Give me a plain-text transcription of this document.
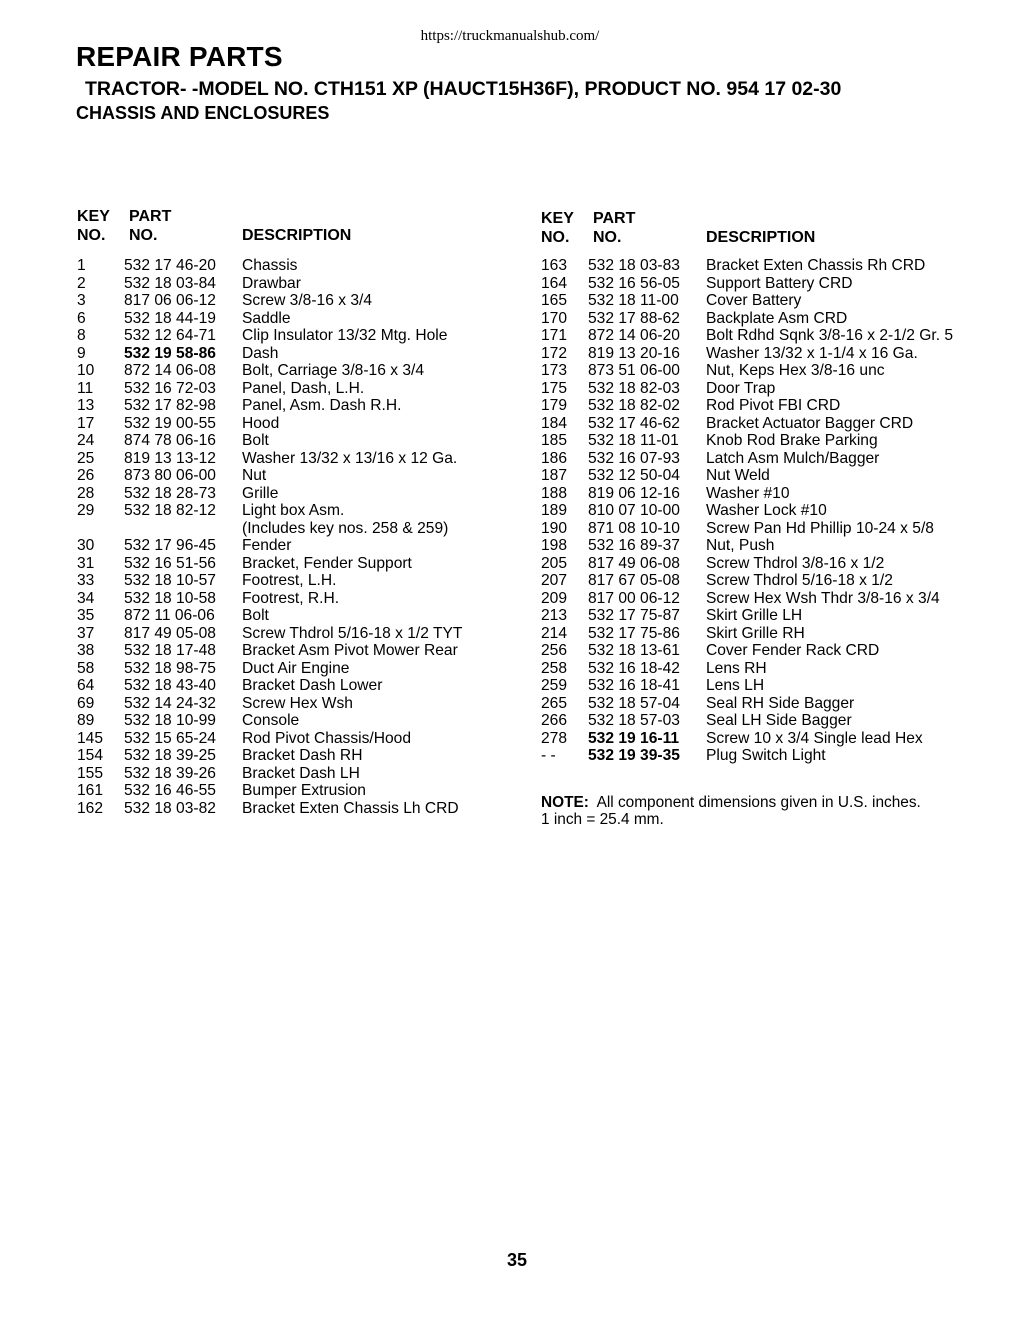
https://truckmanualshub.com/
REPAIR PARTS
TRACTOR- -MODEL NO. CTH151 XP (HAUCT15H36F), PRODUCT NO. 954 17 02-30
CHASSIS AND ENCLOSURES
KEY
NO.
PART
NO.	DESCRIPTION
1 532 17 46-20 Chassis
2 532 18 03-84 Drawbar
3 817 06 06-12 Screw 3/8-16 x 3/4
6 532 18 44-19 Saddle
8 532 12 64-71 Clip Insulator 13/32 Mtg. Hole
9 532 19 58-86 Dash
10 872 14 06-08 Bolt, Carriage 3/8-16 x 3/4
11 532 16 72-03 Panel, Dash, L.H.
13 532 17 82-98 Panel, Asm. Dash R.H.
17 532 19 00-55 Hood
24 874 78 06-16 Bolt
25 819 13 13-12 Washer 13/32 x 13/16 x 12 Ga.
26 873 80 06-00 Nut
28 532 18 28-73 Grille
29 532 18 82-12 Light box Asm.
(Includes key nos. 258 & 259)
30 532 17 96-45 Fender
31 532 16 51-56 Bracket, Fender Support
33 532 18 10-57 Footrest, L.H.
34 532 18 10-58 Footrest, R.H.
35 872 11 06-06 Bolt
37 817 49 05-08 Screw Thdrol 5/16-18 x 1/2 TYT
38 532 18 17-48 Bracket Asm Pivot Mower Rear
58 532 18 98-75 Duct Air Engine
64 532 18 43-40 Bracket Dash Lower
69 532 14 24-32 Screw Hex Wsh
89 532 18 10-99 Console
145 532 15 65-24 Rod Pivot Chassis/Hood
154 532 18 39-25 Bracket Dash RH
155 532 18 39-26 Bracket Dash LH
161 532 16 46-55 Bumper Extrusion
162 532 18 03-82 Bracket Exten Chassis Lh CRD
KEY
NO.
PART
NO.	DESCRIPTION
163 532 18 03-83 Bracket Exten Chassis Rh CRD
164 532 16 56-05 Support Battery CRD
165 532 18 11-00 Cover Battery
170 532 17 88-62 Backplate Asm CRD
171 872 14 06-20 Bolt Rdhd Sqnk 3/8-16 x 2-1/2 Gr. 5
172 819 13 20-16 Washer 13/32 x 1-1/4 x 16 Ga.
173 873 51 06-00 Nut, Keps Hex 3/8-16 unc
175 532 18 82-03 Door Trap
179 532 18 82-02 Rod Pivot FBI CRD
184 532 17 46-62 Bracket Actuator Bagger CRD
185 532 18 11-01 Knob Rod Brake Parking
186 532 16 07-93 Latch Asm Mulch/Bagger
187 532 12 50-04 Nut Weld
188 819 06 12-16 Washer #10
189 810 07 10-00 Washer Lock #10
190 871 08 10-10 Screw Pan Hd Phillip 10-24 x 5/8
198 532 16 89-37 Nut, Push
205 817 49 06-08 Screw Thdrol 3/8-16 x 1/2
207 817 67 05-08 Screw Thdrol 5/16-18 x 1/2
209 817 00 06-12 Screw Hex Wsh Thdr 3/8-16 x 3/4
213 532 17 75-87 Skirt Grille LH
214 532 17 75-86 Skirt Grille RH
256 532 18 13-61 Cover Fender Rack CRD
258 532 16 18-42 Lens RH
259 532 16 18-41 Lens LH
265 532 18 57-04 Seal RH Side Bagger
266 532 18 57-03 Seal LH Side Bagger
278 532 19 16-11 Screw 10 x 3/4 Single lead Hex
- - 532 19 39-35 Plug Switch Light
NOTE: All component dimensions given in U.S. inches.
1 inch = 25.4 mm.
35
